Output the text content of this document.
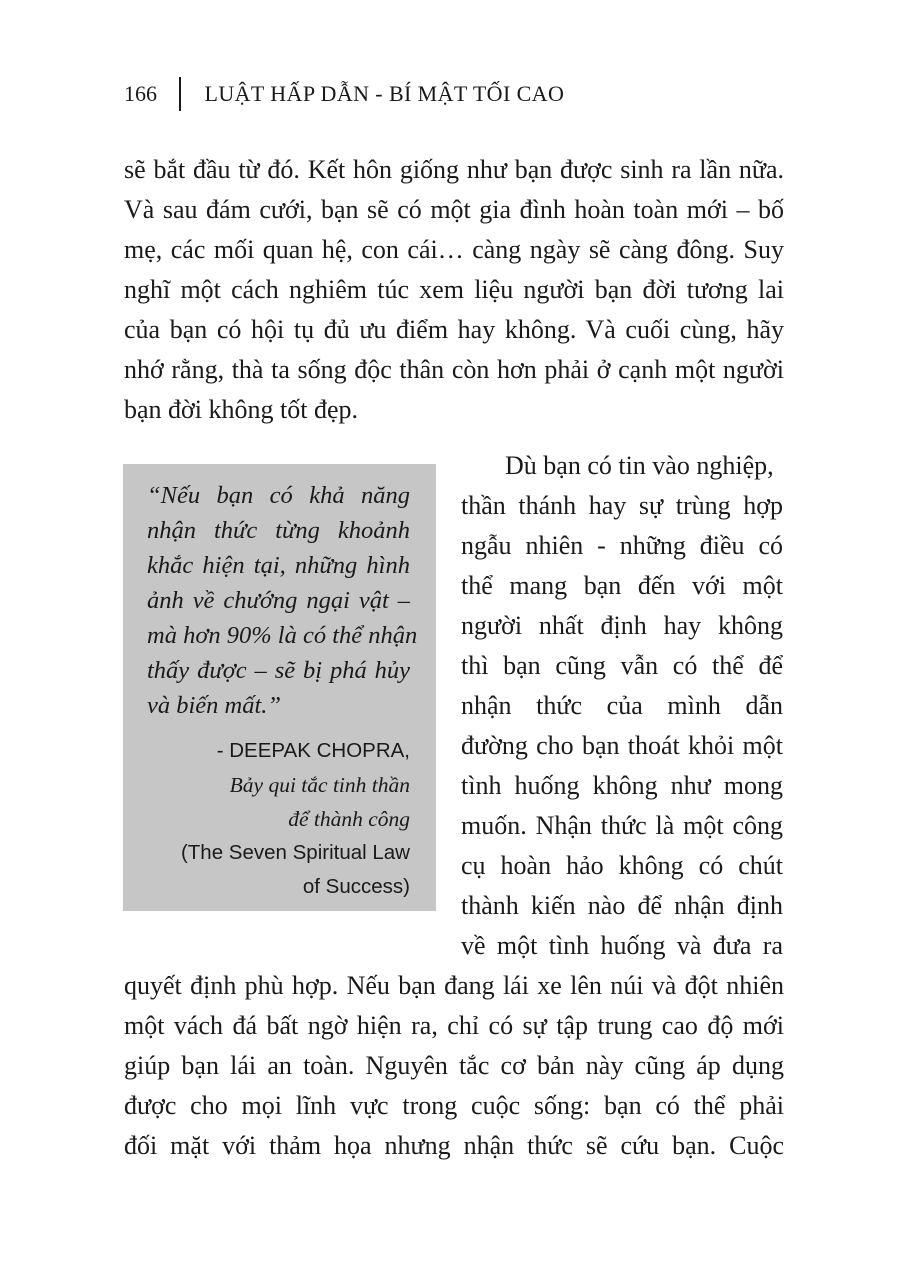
166 LUẬT HẤP DẪN - BÍ MẬT TỐI CAO
sẽ bắt đầu từ đó. Kết hôn giống như bạn được sinh ra lần nữa.
Và sau đám cưới, bạn sẽ có một gia đình hoàn toàn mới – bố
mẹ, các mối quan hệ, con cái… càng ngày sẽ càng đông. Suy
nghĩ một cách nghiêm túc xem liệu người bạn đời tương lai
của bạn có hội tụ đủ ưu điểm hay không. Và cuối cùng, hãy
nhớ rằng, thà ta sống độc thân còn hơn phải ở cạnh một người
bạn đời không tốt đẹp.
“Nếu bạn có khả năng
nhận thức từng khoảnh
khắc hiện tại, những hình
ảnh về chướng ngại vật –
mà hơn 90% là có thể nhận
thấy được – sẽ bị phá hủy
và biến mất.”
- DEEPAK CHOPRA,
Bảy qui tắc tinh thần
để thành công
(The Seven Spiritual Law
of Success)
Dù bạn có tin vào nghiệp,
thần thánh hay sự trùng hợp
ngẫu nhiên - những điều có
thể mang bạn đến với một
người nhất định hay không
thì bạn cũng vẫn có thể để
nhận thức của mình dẫn
đường cho bạn thoát khỏi một
tình huống không như mong
muốn. Nhận thức là một công
cụ hoàn hảo không có chút
thành kiến nào để nhận định
về một tình huống và đưa ra
quyết định phù hợp. Nếu bạn đang lái xe lên núi và đột nhiên
một vách đá bất ngờ hiện ra, chỉ có sự tập trung cao độ mới
giúp bạn lái an toàn. Nguyên tắc cơ bản này cũng áp dụng
được cho mọi lĩnh vực trong cuộc sống: bạn có thể phải
đối mặt với thảm họa nhưng nhận thức sẽ cứu bạn. Cuộc
